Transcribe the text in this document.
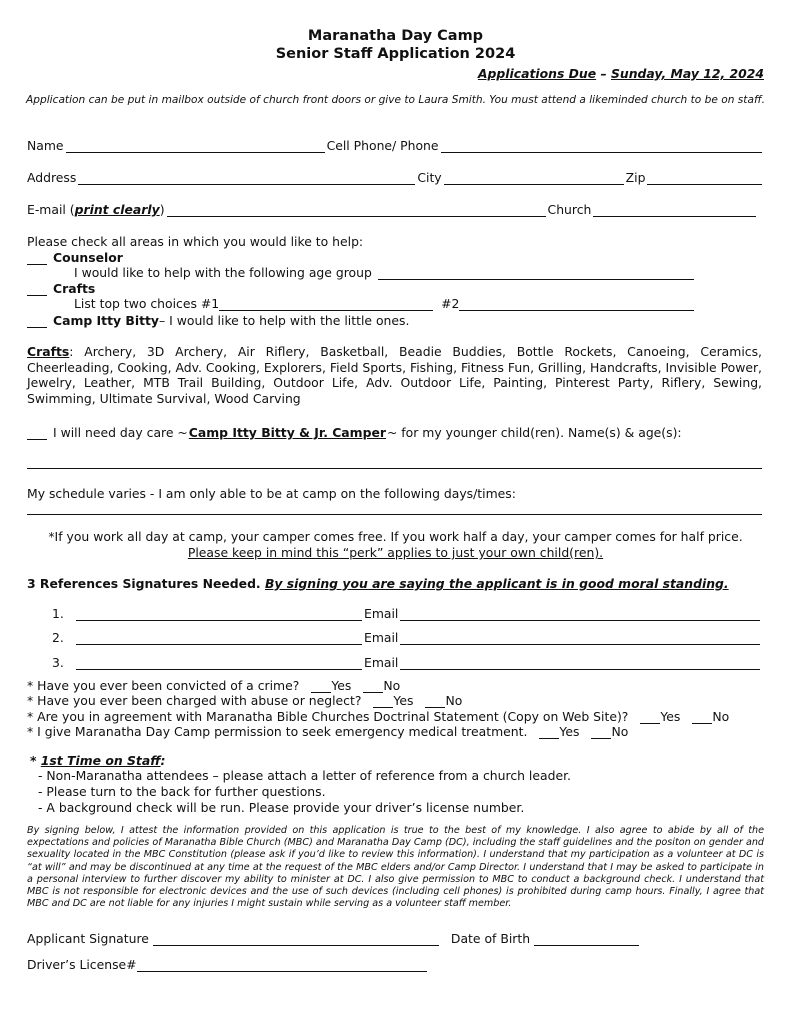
Maranatha Day Camp
Senior Staff Application 2024
Applications Due – Sunday, May 12, 2024
Application can be put in mailbox outside of church front doors or give to Laura Smith. You must attend a likeminded church to be on staff.
Name	Cell Phone/ Phone
Address	City	Zip
E-mail (print clearly)	Church
Please check all areas in which you would like to help:
Counselor
I would like to help with the following age group
Crafts
List top two choices #1	#2
Camp Itty Bitty – I would like to help with the little ones.
Crafts: Archery, 3D Archery, Air Riflery, Basketball, Beadie Buddies, Bottle Rockets, Canoeing, Ceramics, Cheerleading, Cooking, Adv. Cooking, Explorers, Field Sports, Fishing, Fitness Fun, Grilling, Handcrafts, Invisible Power, Jewelry, Leather, MTB Trail Building, Outdoor Life, Adv. Outdoor Life, Painting, Pinterest Party, Riflery, Sewing, Swimming, Ultimate Survival, Wood Carving
I will need day care ~ Camp Itty Bitty & Jr. Camper ~ for my younger child(ren). Name(s) & age(s):
My schedule varies - I am only able to be at camp on the following days/times:
*If you work all day at camp, your camper comes free. If you work half a day, your camper comes for half price.
Please keep in mind this “perk” applies to just your own child(ren).
3 References Signatures Needed. By signing you are saying the applicant is in good moral standing.
1.	Email
2.	Email
3.	Email
* Have you ever been convicted of a crime?	Yes	No
* Have you ever been charged with abuse or neglect?	Yes	No
* Are you in agreement with Maranatha Bible Churches Doctrinal Statement (Copy on Web Site)?	Yes	No
* I give Maranatha Day Camp permission to seek emergency medical treatment.	Yes	No
* 1st Time on Staff:
- Non-Maranatha attendees – please attach a letter of reference from a church leader.
- Please turn to the back for further questions.
- A background check will be run. Please provide your driver’s license number.
By signing below, I attest the information provided on this application is true to the best of my knowledge. I also agree to abide by all of the expectations and policies of Maranatha Bible Church (MBC) and Maranatha Day Camp (DC), including the staff guidelines and the positon on gender and sexuality located in the MBC Constitution (please ask if you’d like to review this information). I understand that my participation as a volunteer at DC is “at will” and may be discontinued at any time at the request of the MBC elders and/or Camp Director. I understand that I may be asked to participate in a personal interview to further discover my ability to minister at DC. I also give permission to MBC to conduct a background check. I understand that MBC is not responsible for electronic devices and the use of such devices (including cell phones) is prohibited during camp hours. Finally, I agree that MBC and DC are not liable for any injuries I might sustain while serving as a volunteer staff member.
Applicant Signature	Date of Birth
Driver’s License#
